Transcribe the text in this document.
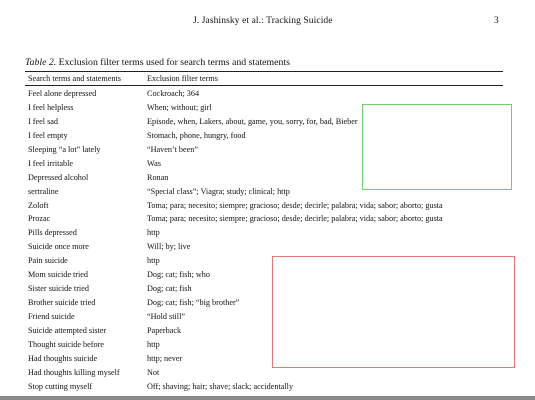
J. Jashinsky et al.: Tracking Suicide	3
Table 2. Exclusion filter terms used for search terms and statements
Search terms and statements	Exclusion filter terms
Feel alone depressed	Cockroach; 364
I feel helpless	When; without; girl
I feel sad	Episode, when, Lakers, about, game, you, sorry, for, bad, Bieber
I feel empty	Stomach, phone, hungry, food
Sleeping “a lot” lately	“Haven’t been”
I feel irritable	Was
Depressed alcohol	Ronan
sertraline	“Special class”; Viagra; study; clinical; http
Zoloft	Toma; para; necesito; siempre; gracioso; desde; decirle; palabra; vida; sabor; aborto; gusta
Prozac	Toma; para; necesito; siempre; gracioso; desde; decirle; palabra; vida; sabor; aborto; gusta
Pills depressed	http
Suicide once more	Will; by; live
Pain suicide	http
Mom suicide tried	Dog; cat; fish; who
Sister suicide tried	Dog; cat; fish
Brother suicide tried	Dog; cat; fish; “big brother”
Friend suicide	“Hold still”
Suicide attempted sister	Paperback
Thought suicide before	http
Had thoughts suicide	http; never
Had thoughts killing myself	Not
Stop cutting myself	Off; shaving; hair; shave; slack; accidentally
